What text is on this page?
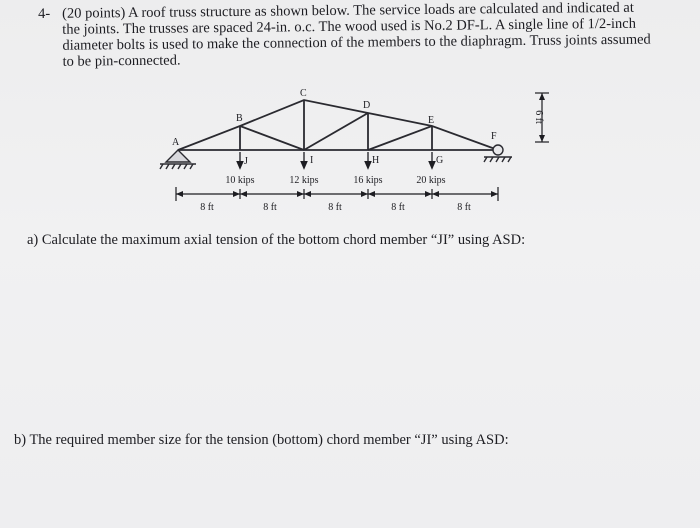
4- (20 points) A roof truss structure as shown below. The service loads are calculated and indicated at
the joints. The trusses are spaced 24-in. o.c. The wood used is No.2 DF-L. A single line of 1/2-inch
diameter bolts is used to make the connection of the members to the diaphragm. Truss joints assumed
to be pin-connected.
A
B
C
D
E
F
J	I	H	G
10 kips	12 kips	16 kips	20 kips
8 ft	8 ft	8 ft	8 ft	8 ft
6 ft
a) Calculate the maximum axial tension of the bottom chord member “JI” using ASD:
b) The required member size for the tension (bottom) chord member “JI” using ASD:
